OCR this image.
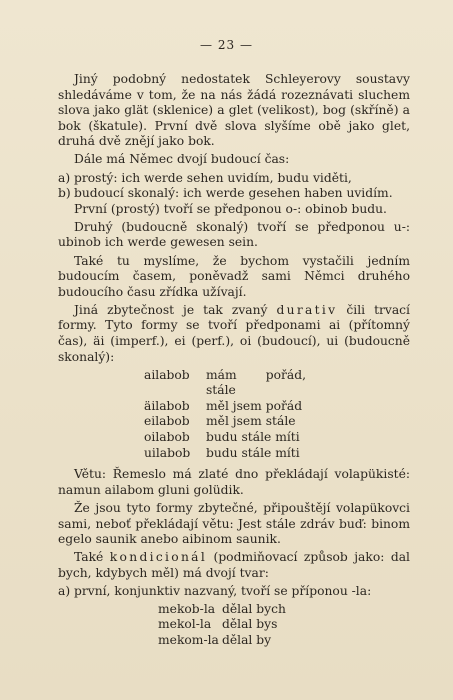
— 23 —

Jiný podobný nedostatek Schleyerovy soustavy shledáváme v tom, že na nás žádá rozeznávati sluchem slova jako glät (sklenice) a glet (velikost), bog (skříně) a bok (škatule). První dvě slova slyšíme obě jako glet, druhá dvě znějí jako bok.

Dále má Němec dvojí budoucí čas:

a) prostý: ich werde sehen uvidím, budu viděti,
b) budoucí skonalý: ich werde gesehen haben uvidím.

První (prostý) tvoří se předponou o-: obinob budu.

Druhý (budoucně skonalý) tvoří se předponou u-: ubinob ich werde gewesen sein.

Také tu myslíme, že bychom vystačili jedním budoucím časem, poněvadž sami Němci druhého budoucího času zřídka užívají.

Jiná zbytečnost je tak zvaný durativ čili trvací formy. Tyto formy se tvoří předponami ai (přítomný čas), äi (imperf.), ei (perf.), oi (budoucí), ui (budoucně skonalý):

ailabob	mám pořád, stále
äilabob	měl jsem pořád
eilabob	měl jsem stále
oilabob	budu stále míti
uilabob	budu stále míti

Větu: Řemeslo má zlaté dno překládají volapükisté: namun ailabom gluni golüdik.

Že jsou tyto formy zbytečné, připouštějí volapükovci sami, neboť překládají větu: Jest stále zdráv buď: binom egelo saunik anebo aibinom saunik.

Také kondicionál (podmiňovací způsob jako: dal bych, kdybych měl) má dvojí tvar:

a) první, konjunktiv nazvaný, tvoří se příponou -la:
mekob-la dělal bych
mekol-la dělal bys
mekom-la dělal by
